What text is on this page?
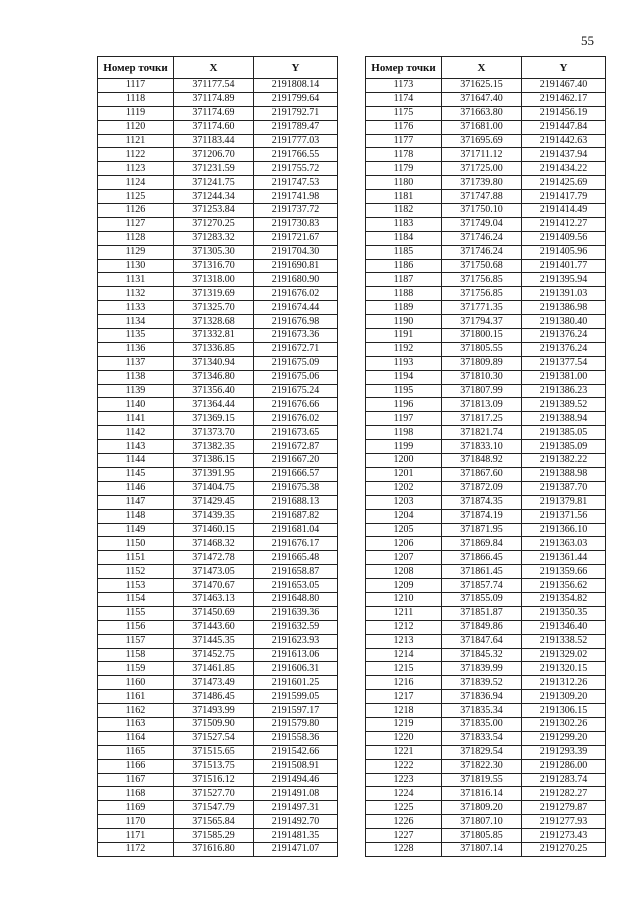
55
Номер точки	X	Y
1117	371177.54	2191808.14
1118	371174.89	2191799.64
1119	371174.69	2191792.71
1120	371174.60	2191789.47
1121	371183.44	2191777.03
1122	371206.70	2191766.55
1123	371231.59	2191755.72
1124	371241.75	2191747.53
1125	371244.34	2191741.98
1126	371253.84	2191737.72
1127	371270.25	2191730.83
1128	371283.32	2191721.67
1129	371305.30	2191704.30
1130	371316.70	2191690.81
1131	371318.00	2191680.90
1132	371319.69	2191676.02
1133	371325.70	2191674.44
1134	371328.68	2191676.98
1135	371332.81	2191673.36
1136	371336.85	2191672.71
1137	371340.94	2191675.09
1138	371346.80	2191675.06
1139	371356.40	2191675.24
1140	371364.44	2191676.66
1141	371369.15	2191676.02
1142	371373.70	2191673.65
1143	371382.35	2191672.87
1144	371386.15	2191667.20
1145	371391.95	2191666.57
1146	371404.75	2191675.38
1147	371429.45	2191688.13
1148	371439.35	2191687.82
1149	371460.15	2191681.04
1150	371468.32	2191676.17
1151	371472.78	2191665.48
1152	371473.05	2191658.87
1153	371470.67	2191653.05
1154	371463.13	2191648.80
1155	371450.69	2191639.36
1156	371443.60	2191632.59
1157	371445.35	2191623.93
1158	371452.75	2191613.06
1159	371461.85	2191606.31
1160	371473.49	2191601.25
1161	371486.45	2191599.05
1162	371493.99	2191597.17
1163	371509.90	2191579.80
1164	371527.54	2191558.36
1165	371515.65	2191542.66
1166	371513.75	2191508.91
1167	371516.12	2191494.46
1168	371527.70	2191491.08
1169	371547.79	2191497.31
1170	371565.84	2191492.70
1171	371585.29	2191481.35
1172	371616.80	2191471.07
Номер точки	X	Y
1173	371625.15	2191467.40
1174	371647.40	2191462.17
1175	371663.80	2191456.19
1176	371681.00	2191447.84
1177	371695.69	2191442.63
1178	371711.12	2191437.94
1179	371725.00	2191434.22
1180	371739.80	2191425.69
1181	371747.88	2191417.79
1182	371750.10	2191414.49
1183	371749.04	2191412.27
1184	371746.24	2191409.56
1185	371746.24	2191405.96
1186	371750.68	2191401.77
1187	371756.85	2191395.94
1188	371756.85	2191391.03
1189	371771.35	2191386.98
1190	371794.37	2191380.40
1191	371800.15	2191376.24
1192	371805.55	2191376.24
1193	371809.89	2191377.54
1194	371810.30	2191381.00
1195	371807.99	2191386.23
1196	371813.09	2191389.52
1197	371817.25	2191388.94
1198	371821.74	2191385.05
1199	371833.10	2191385.09
1200	371848.92	2191382.22
1201	371867.60	2191388.98
1202	371872.09	2191387.70
1203	371874.35	2191379.81
1204	371874.19	2191371.56
1205	371871.95	2191366.10
1206	371869.84	2191363.03
1207	371866.45	2191361.44
1208	371861.45	2191359.66
1209	371857.74	2191356.62
1210	371855.09	2191354.82
1211	371851.87	2191350.35
1212	371849.86	2191346.40
1213	371847.64	2191338.52
1214	371845.32	2191329.02
1215	371839.99	2191320.15
1216	371839.52	2191312.26
1217	371836.94	2191309.20
1218	371835.34	2191306.15
1219	371835.00	2191302.26
1220	371833.54	2191299.20
1221	371829.54	2191293.39
1222	371822.30	2191286.00
1223	371819.55	2191283.74
1224	371816.14	2191282.27
1225	371809.20	2191279.87
1226	371807.10	2191277.93
1227	371805.85	2191273.43
1228	371807.14	2191270.25
